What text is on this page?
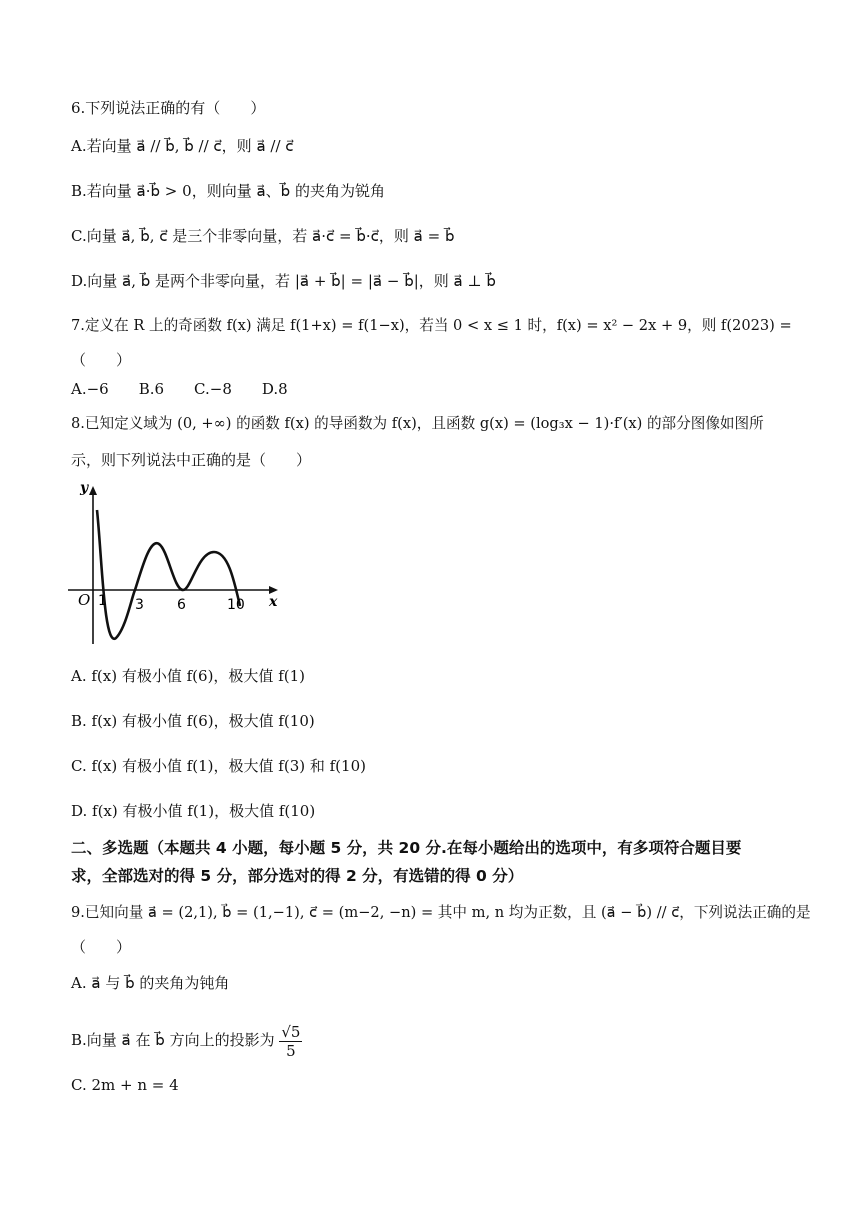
6.下列说法正确的有（　　）
A.若向量 a⃗ // b⃗, b⃗ // c⃗，则 a⃗ // c⃗
B.若向量 a⃗·b⃗ > 0，则向量 a⃗、b⃗ 的夹角为锐角
C.向量 a⃗, b⃗, c⃗ 是三个非零向量，若 a⃗·c⃗ = b⃗·c⃗，则 a⃗ = b⃗
D.向量 a⃗, b⃗ 是两个非零向量，若 |a⃗ + b⃗| = |a⃗ − b⃗|，则 a⃗ ⊥ b⃗
7.定义在 R 上的奇函数 f(x) 满足 f(1+x) = f(1−x)，若当 0 < x ≤ 1 时，f(x) = x² − 2x + 9，则 f(2023) =
（　　）
A.−6　　B.6　　C.−8　　D.8
8.已知定义域为 (0, +∞) 的函数 f(x) 的导函数为 f(x)，且函数 g(x) = (log₃x − 1)·f′(x) 的部分图像如图所
示，则下列说法中正确的是（　　）
y
x
O 1 3 6	10
A. f(x) 有极小值 f(6)，极大值 f(1)
B. f(x) 有极小值 f(6)，极大值 f(10)
C. f(x) 有极小值 f(1)，极大值 f(3) 和 f(10)
D. f(x) 有极小值 f(1)，极大值 f(10)
二、多选题（本题共 4 小题，每小题 5 分，共 20 分.在每小题给出的选项中，有多项符合题目要
求，全部选对的得 5 分，部分选对的得 2 分，有选错的得 0 分）
9.已知向量 a⃗ = (2,1), b⃗ = (1,−1), c⃗ = (m−2, −n) = 其中 m, n 均为正数，且 (a⃗ − b⃗) // c⃗，下列说法正确的是
（　　）
A. a⃗ 与 b⃗ 的夹角为钝角
B.向量 a⃗ 在 b⃗ 方向上的投影为 $\frac{√5}{5}$
C. 2m + n = 4
